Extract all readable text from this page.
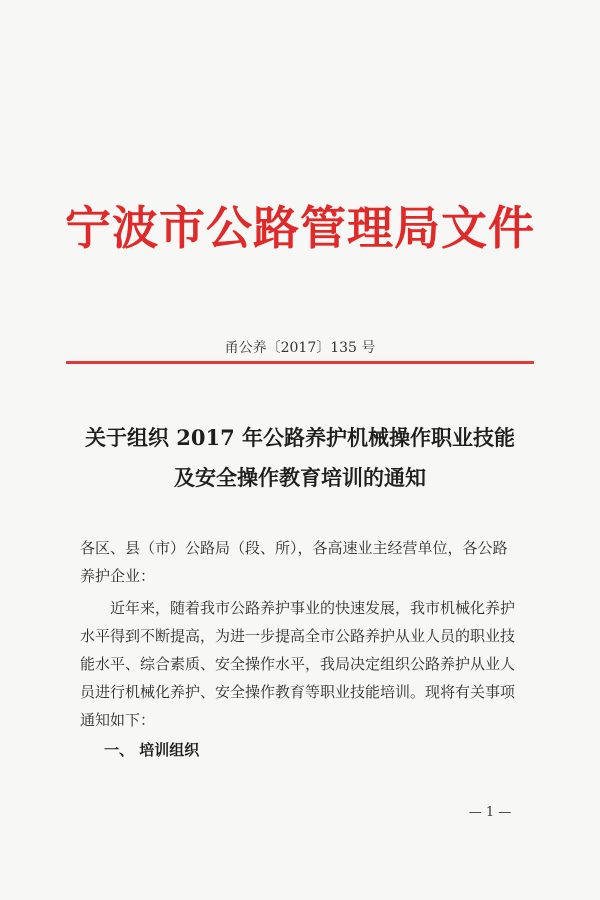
宁波市公路管理局文件
甬公养〔2017〕135 号
关于组织 2017 年公路养护机械操作职业技能
及安全操作教育培训的通知
各区、县（市）公路局（段、所），各高速业主经营单位，各公路
养护企业：
　　近年来，随着我市公路养护事业的快速发展，我市机械化养护
水平得到不断提高，为进一步提高全市公路养护从业人员的职业技
能水平、综合素质、安全操作水平，我局决定组织公路养护从业人
员进行机械化养护、安全操作教育等职业技能培训。现将有关事项
通知如下：
一、 培训组织
— 1 —
